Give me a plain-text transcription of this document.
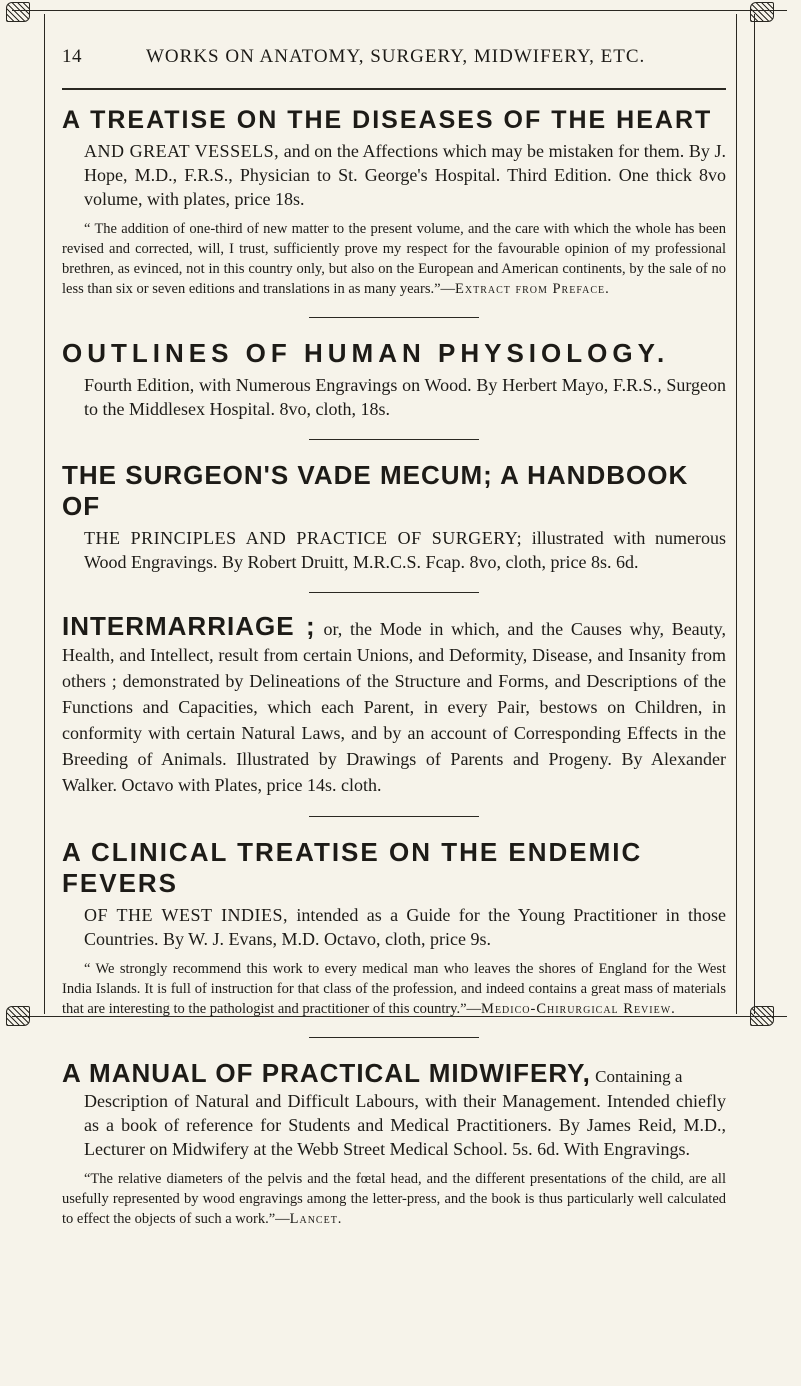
14	WORKS ON ANATOMY, SURGERY, MIDWIFERY, ETC.
A TREATISE ON THE DISEASES OF THE HEART

AND GREAT VESSELS, and on the Affections which may be mistaken for them. By J. Hope, M.D., F.R.S., Physician to St. George's Hospital. Third Edition. One thick 8vo volume, with plates, price 18s.

“ The addition of one-third of new matter to the present volume, and the care with which the whole has been revised and corrected, will, I trust, sufficiently prove my respect for the favourable opinion of my professional brethren, as evinced, not in this country only, but also on the European and American continents, by the sale of no less than six or seven editions and translations in as many years.”—Extract from Preface.

OUTLINES OF HUMAN PHYSIOLOGY.

Fourth Edition, with Numerous Engravings on Wood. By Herbert Mayo, F.R.S., Surgeon to the Middlesex Hospital. 8vo, cloth, 18s.

THE SURGEON'S VADE MECUM; A HANDBOOK OF

THE PRINCIPLES AND PRACTICE OF SURGERY; illustrated with numerous Wood Engravings. By Robert Druitt, M.R.C.S. Fcap. 8vo, cloth, price 8s. 6d.

INTERMARRIAGE ; or, the Mode in which, and the Causes why, Beauty, Health, and Intellect, result from certain Unions, and Deformity, Disease, and Insanity from others ; demonstrated by Delineations of the Structure and Forms, and Descriptions of the Functions and Capacities, which each Parent, in every Pair, bestows on Children, in conformity with certain Natural Laws, and by an account of Corresponding Effects in the Breeding of Animals. Illustrated by Drawings of Parents and Progeny. By Alexander Walker. Octavo with Plates, price 14s. cloth.
A CLINICAL TREATISE ON THE ENDEMIC FEVERS

OF THE WEST INDIES, intended as a Guide for the Young Practitioner in those Countries. By W. J. Evans, M.D. Octavo, cloth, price 9s.

“ We strongly recommend this work to every medical man who leaves the shores of England for the West India Islands. It is full of instruction for that class of the profession, and indeed contains a great mass of materials that are interesting to the pathologist and practitioner of this country.”—Medico-Chirurgical Review.

A MANUAL OF PRACTICAL MIDWIFERY, Containing a

Description of Natural and Difficult Labours, with their Management. Intended chiefly as a book of reference for Students and Medical Practitioners. By James Reid, M.D., Lecturer on Midwifery at the Webb Street Medical School. 5s. 6d. With Engravings.

“The relative diameters of the pelvis and the fœtal head, and the different presentations of the child, are all usefully represented by wood engravings among the letter-press, and the book is thus particularly well calculated to effect the objects of such a work.”—Lancet.
